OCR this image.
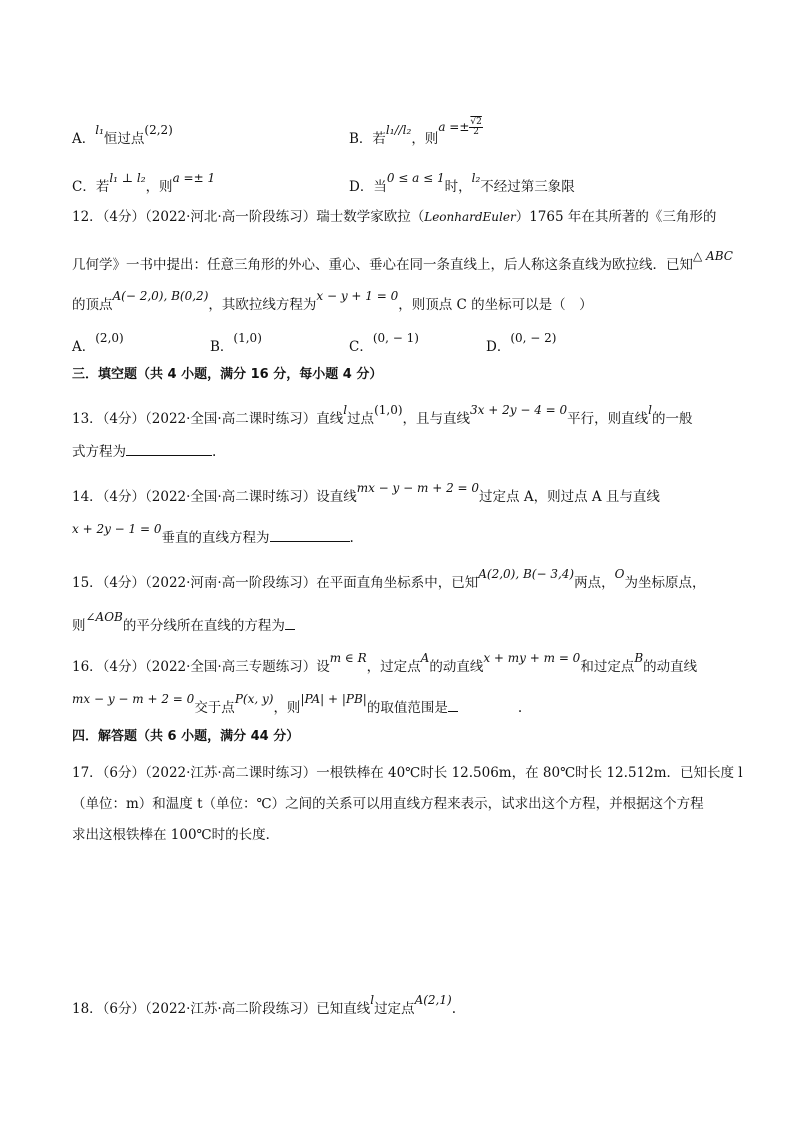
A．l₁恒过点(2,2)
B．若l₁//l₂，则$a =\pm \frac{√2}{2}$
C．若l₁ ⊥ l₂，则a =± 1
D．当0 ≤ a ≤ 1时，l₂不经过第三象限
12．（4分）（2022·河北·高一阶段练习）瑞士数学家欧拉（LeonhardEuler）1765 年在其所著的《三角形的
几何学》一书中提出：任意三角形的外心、重心、垂心在同一条直线上，后人称这条直线为欧拉线．已知△ ABC
的顶点A(− 2,0), B(0,2)，其欧拉线方程为x − y + 1 = 0，则顶点 C 的坐标可以是（　）
A．(2,0)
B．(1,0)
C．(0, − 1)
D．(0, − 2)
三．填空题（共 4 小题，满分 16 分，每小题 4 分）
13．（4分）（2022·全国·高二课时练习）直线l过点(1,0)，且与直线3x + 2y − 4 = 0平行，则直线l的一般
式方程为	.
14．（4分）（2022·全国·高二课时练习）设直线mx − y − m + 2 = 0过定点 A，则过点 A 且与直线
x + 2y − 1 = 0垂直的直线方程为	.
15．（4分）（2022·河南·高一阶段练习）在平面直角坐标系中，已知A(2,0), B(− 3,4)两点，O为坐标原点，
则∠AOB的平分线所在直线的方程为
16．（4分）（2022·全国·高三专题练习）设m ∈ R，过定点A的动直线x + my + m = 0和过定点B的动直线
mx − y − m + 2 = 0交于点P(x, y)，则|PA| + |PB|的取值范围是	.
四．解答题（共 6 小题，满分 44 分）
17．（6分）（2022·江苏·高二课时练习）一根铁棒在 40℃时长 12.506m，在 80℃时长 12.512m．已知长度 l
（单位：m）和温度 t（单位：℃）之间的关系可以用直线方程来表示，试求出这个方程，并根据这个方程
求出这根铁棒在 100℃时的长度．
18．（6分）（2022·江苏·高二阶段练习）已知直线l过定点A(2,1).
